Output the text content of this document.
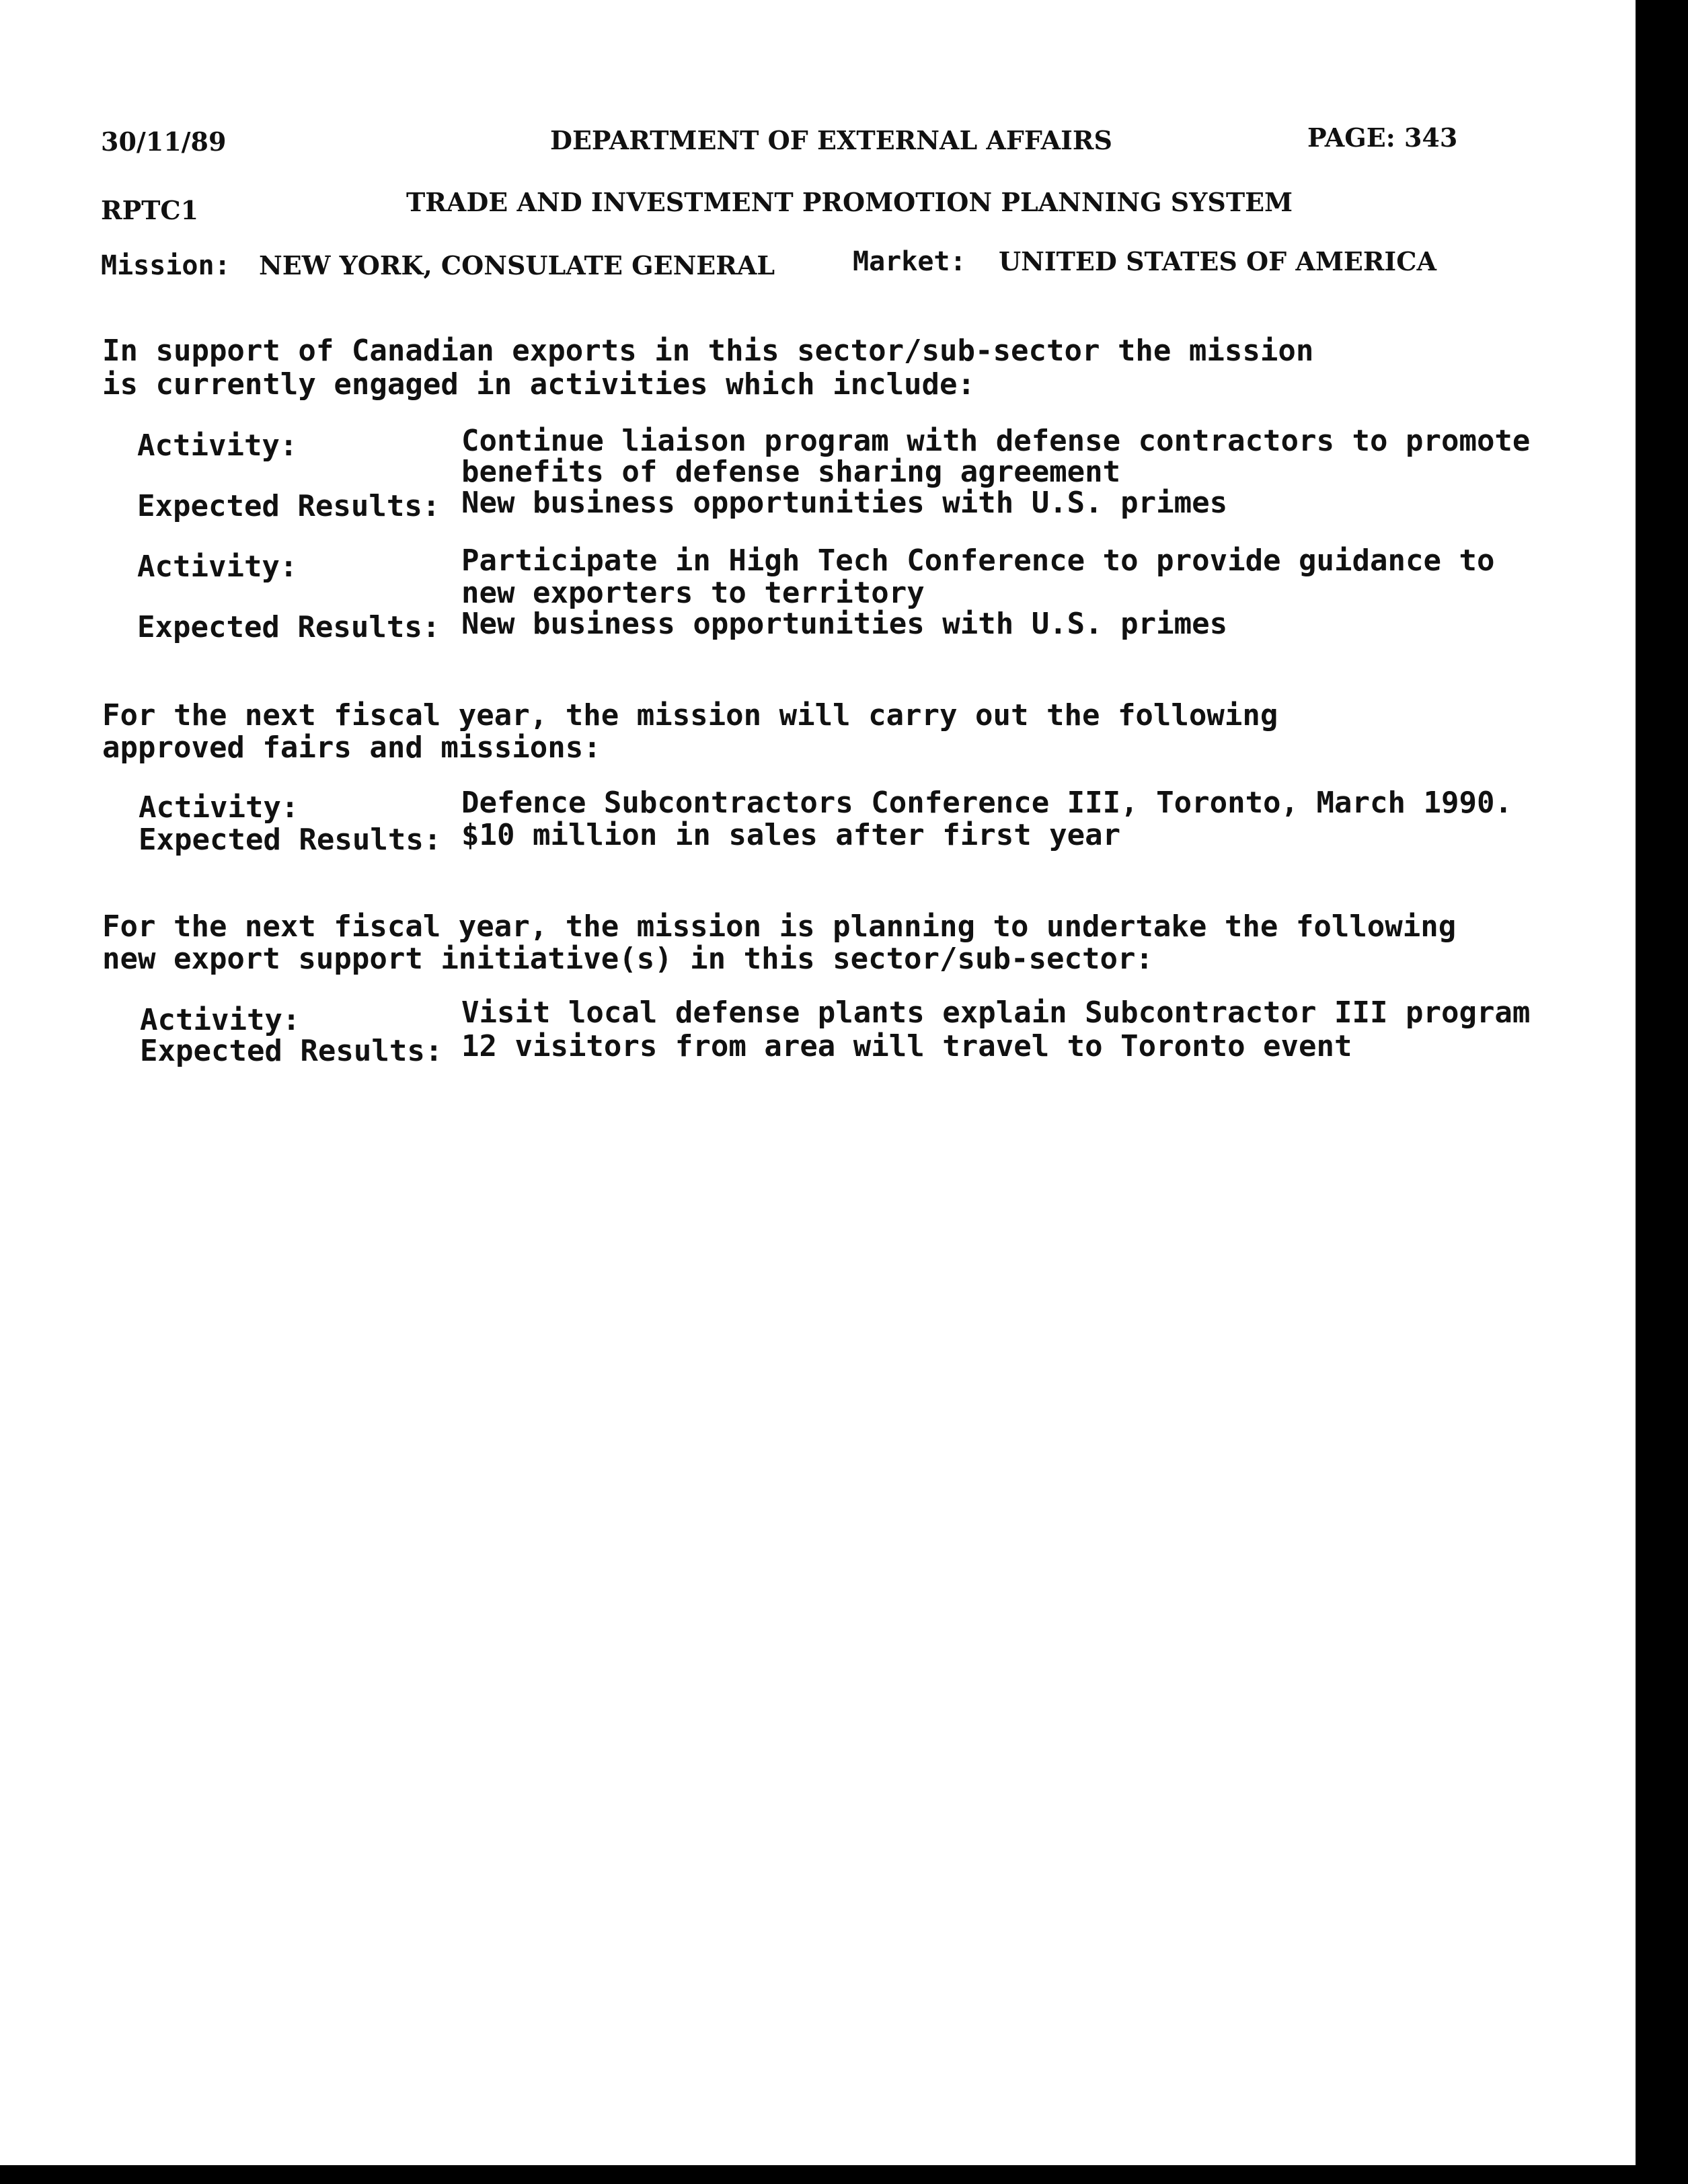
30/11/89	DEPARTMENT OF EXTERNAL AFFAIRS	PAGE: 343
RPTC1	TRADE AND INVESTMENT PROMOTION PLANNING SYSTEM
Mission: NEW YORK, CONSULATE GENERAL	Market: UNITED STATES OF AMERICA
In support of Canadian exports in this sector/sub-sector the mission
is currently engaged in activities which include:
Activity:	Continue liaison program with defense contractors to promote
benefits of defense sharing agreement
Expected Results: New business opportunities with U.S. primes
Activity:	Participate in High Tech Conference to provide guidance to
new exporters to territory
Expected Results: New business opportunities with U.S. primes
For the next fiscal year, the mission will carry out the following
approved fairs and missions:
Activity:	Defence Subcontractors Conference III, Toronto, March 1990.
Expected Results: $10 million in sales after first year
For the next fiscal year, the mission is planning to undertake the following
new export support initiative(s) in this sector/sub-sector:
Activity:	Visit local defense plants explain Subcontractor III program
Expected Results: 12 visitors from area will travel to Toronto event
